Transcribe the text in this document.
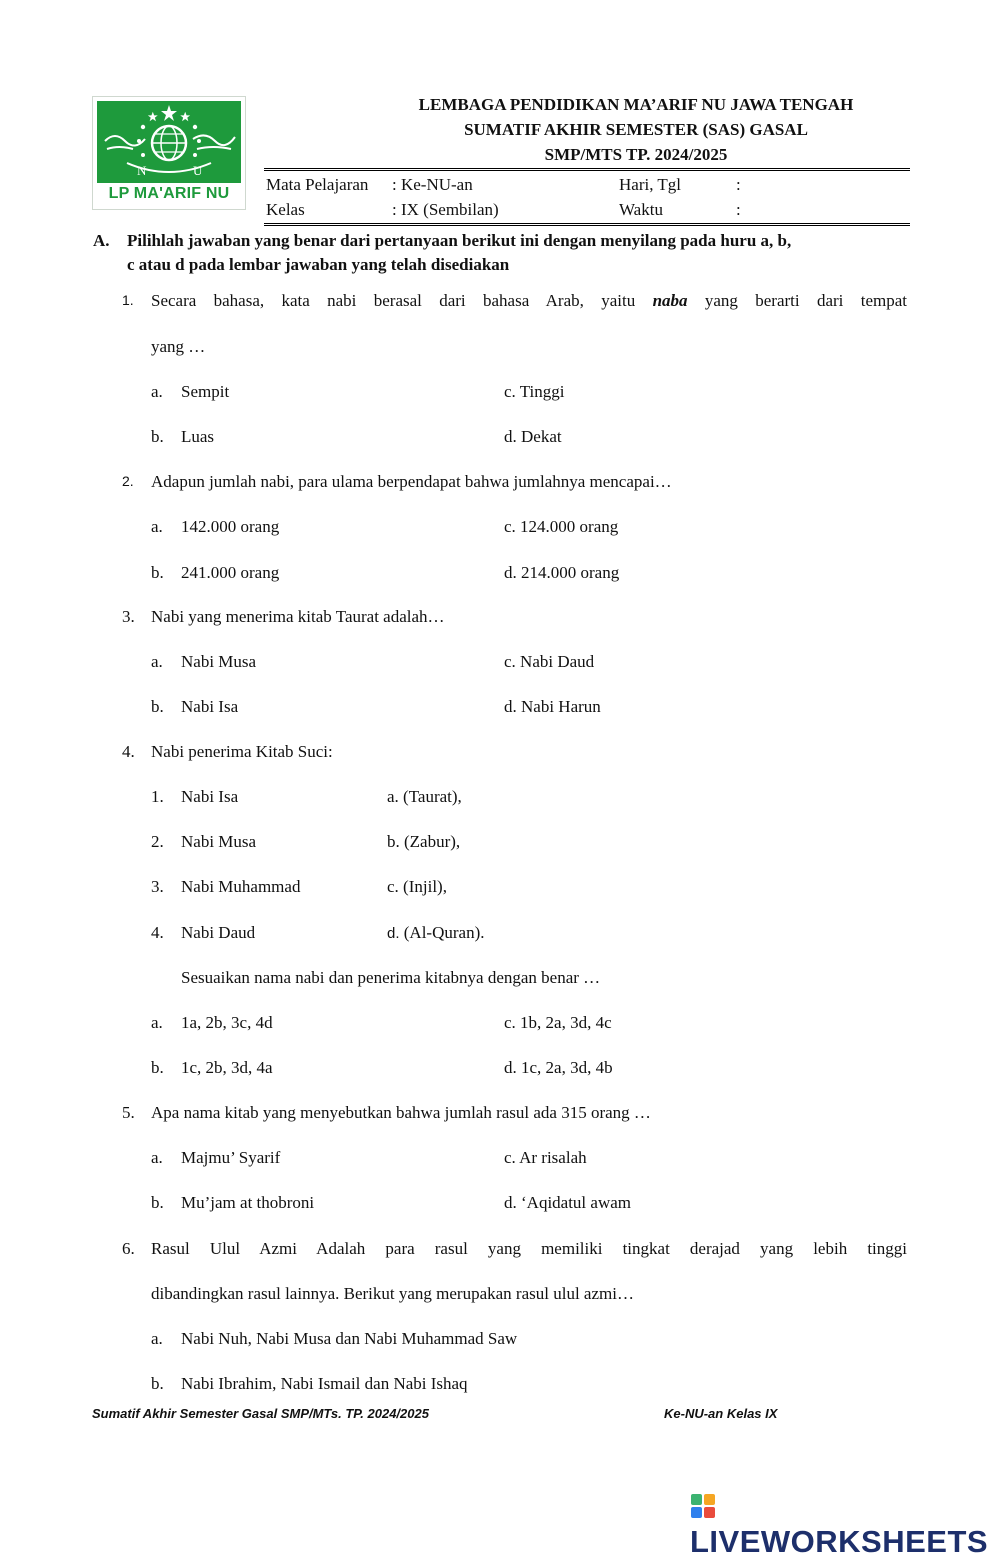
N	U
LP MA'ARIF NU
LEMBAGA PENDIDIKAN MA’ARIF NU JAWA TENGAH
SUMATIF AKHIR SEMESTER (SAS) GASAL
SMP/MTS TP. 2024/2025
Mata Pelajaran : Ke-NU-an	Hari, Tgl	:
Kelas	: IX (Sembilan)	Waktu	:
A. Pilihlah jawaban yang benar dari pertanyaan berikut ini dengan menyilang pada huru a, b,
c atau d pada lembar jawaban yang telah disediakan
1. Secara bahasa, kata nabi berasal dari bahasa Arab, yaitu naba yang berarti dari tempat
yang …
a. Sempit	c. Tinggi
b. Luas	d. Dekat
2. Adapun jumlah nabi, para ulama berpendapat bahwa jumlahnya mencapai…
a. 142.000 orang	c. 124.000 orang
b. 241.000 orang	d. 214.000 orang
3. Nabi yang menerima kitab Taurat adalah…
a. Nabi Musa	c. Nabi Daud
b. Nabi Isa	d. Nabi Harun
4. Nabi penerima Kitab Suci:
1. Nabi Isa	a. (Taurat),
2. Nabi Musa	b. (Zabur),
3. Nabi Muhammad	c. (Injil),
4. Nabi Daud	d. (Al-Quran).
Sesuaikan nama nabi dan penerima kitabnya dengan benar …
a. 1a, 2b, 3c, 4d	c. 1b, 2a, 3d, 4c
b. 1c, 2b, 3d, 4a	d. 1c, 2a, 3d, 4b
5. Apa nama kitab yang menyebutkan bahwa jumlah rasul ada 315 orang …
a. Majmu’ Syarif	c. Ar risalah
b. Mu’jam at thobroni	d. ‘Aqidatul awam
6. Rasul Ulul Azmi Adalah para rasul yang memiliki tingkat derajad yang lebih tinggi
dibandingkan rasul lainnya. Berikut yang merupakan rasul ulul azmi…
a. Nabi Nuh, Nabi Musa dan Nabi Muhammad Saw
b. Nabi Ibrahim, Nabi Ismail dan Nabi Ishaq
Sumatif Akhir Semester Gasal SMP/MTs. TP. 2024/2025	Ke-NU-an Kelas IX
LIVEWORKSHEETS
